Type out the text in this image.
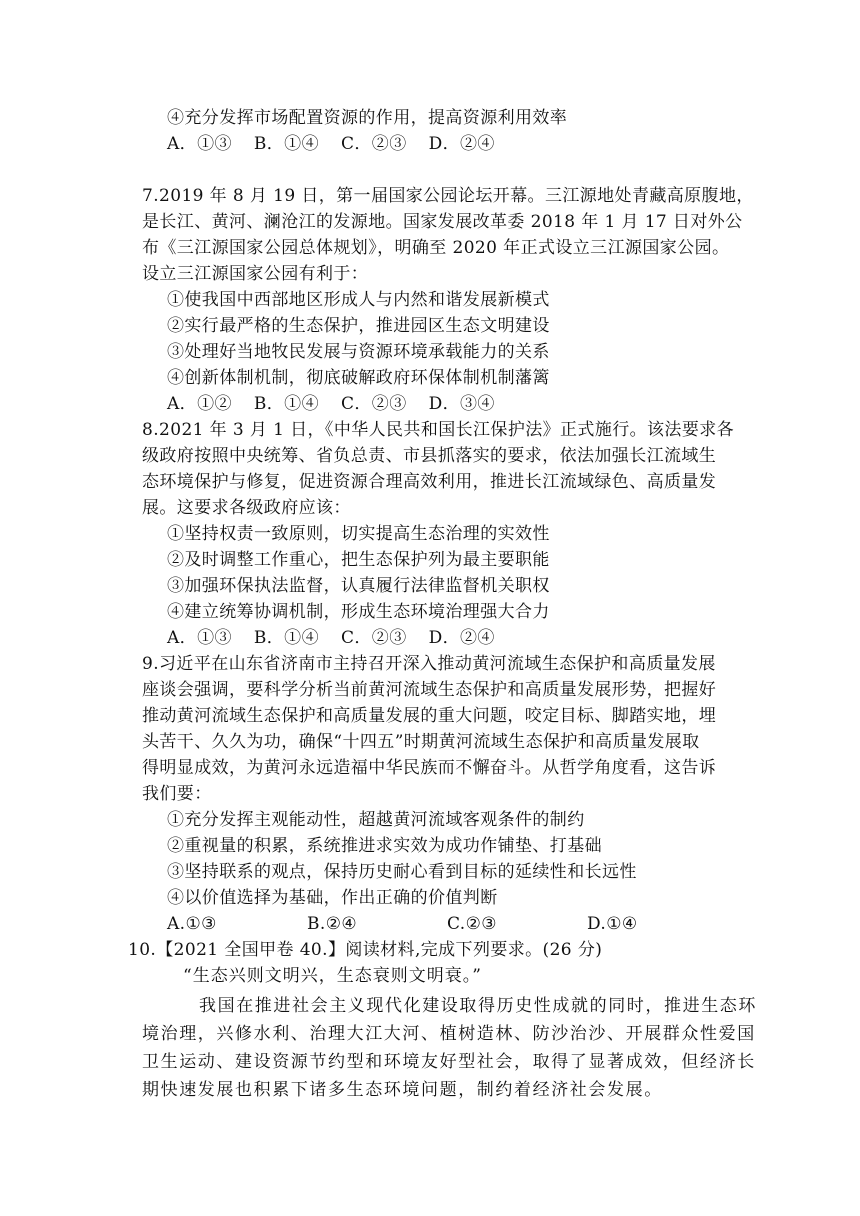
④充分发挥市场配置资源的作用，提高资源利用效率
A．①③ B．①④ C．②③ D．②④
7.2019 年 8 月 19 日，第一届国家公园论坛开幕。三江源地处青藏高原腹地，
是长江、黄河、澜沧江的发源地。国家发展改革委 2018 年 1 月 17 日对外公
布《三江源国家公园总体规划》，明确至 2020 年正式设立三江源国家公园。
设立三江源国家公园有利于：
①使我国中西部地区形成人与内然和谐发展新模式
②实行最严格的生态保护，推进园区生态文明建设
③处理好当地牧民发展与资源环境承载能力的关系
④创新体制机制，彻底破解政府环保体制机制藩篱
A．①② B．①④ C．②③ D．③④
8.2021 年 3 月 1 日，《中华人民共和国长江保护法》正式施行。该法要求各
级政府按照中央统筹、省负总责、市县抓落实的要求，依法加强长江流域生
态环境保护与修复，促进资源合理高效利用，推进长江流域绿色、高质量发
展。这要求各级政府应该：
①坚持权责一致原则，切实提高生态治理的实效性
②及时调整工作重心，把生态保护列为最主要职能
③加强环保执法监督，认真履行法律监督机关职权
④建立统筹协调机制，形成生态环境治理强大合力
A．①③ B．①④ C．②③ D．②④
9.习近平在山东省济南市主持召开深入推动黄河流域生态保护和高质量发展
座谈会强调，要科学分析当前黄河流域生态保护和高质量发展形势，把握好
推动黄河流域生态保护和高质量发展的重大问题，咬定目标、脚踏实地，埋
头苦干、久久为功，确保“十四五”时期黄河流域生态保护和高质量发展取
得明显成效，为黄河永远造福中华民族而不懈奋斗。从哲学角度看，这告诉
我们要：
①充分发挥主观能动性，超越黄河流域客观条件的制约
②重视量的积累，系统推进求实效为成功作铺垫、打基础
③坚持联系的观点，保持历史耐心看到目标的延续性和长远性
④以价值选择为基础，作出正确的价值判断
A.①③	B.②④	C.②③	D.①④
10.【2021 全国甲卷 40.】阅读材料,完成下列要求。(26 分)
“生态兴则文明兴，生态衰则文明衰。”
我国在推进社会主义现代化建设取得历史性成就的同时，推进生态环
境治理，兴修水利、治理大江大河、植树造林、防沙治沙、开展群众性爱国
卫生运动、建设资源节约型和环境友好型社会，取得了显著成效，但经济长
期快速发展也积累下诸多生态环境问题，制约着经济社会发展。
